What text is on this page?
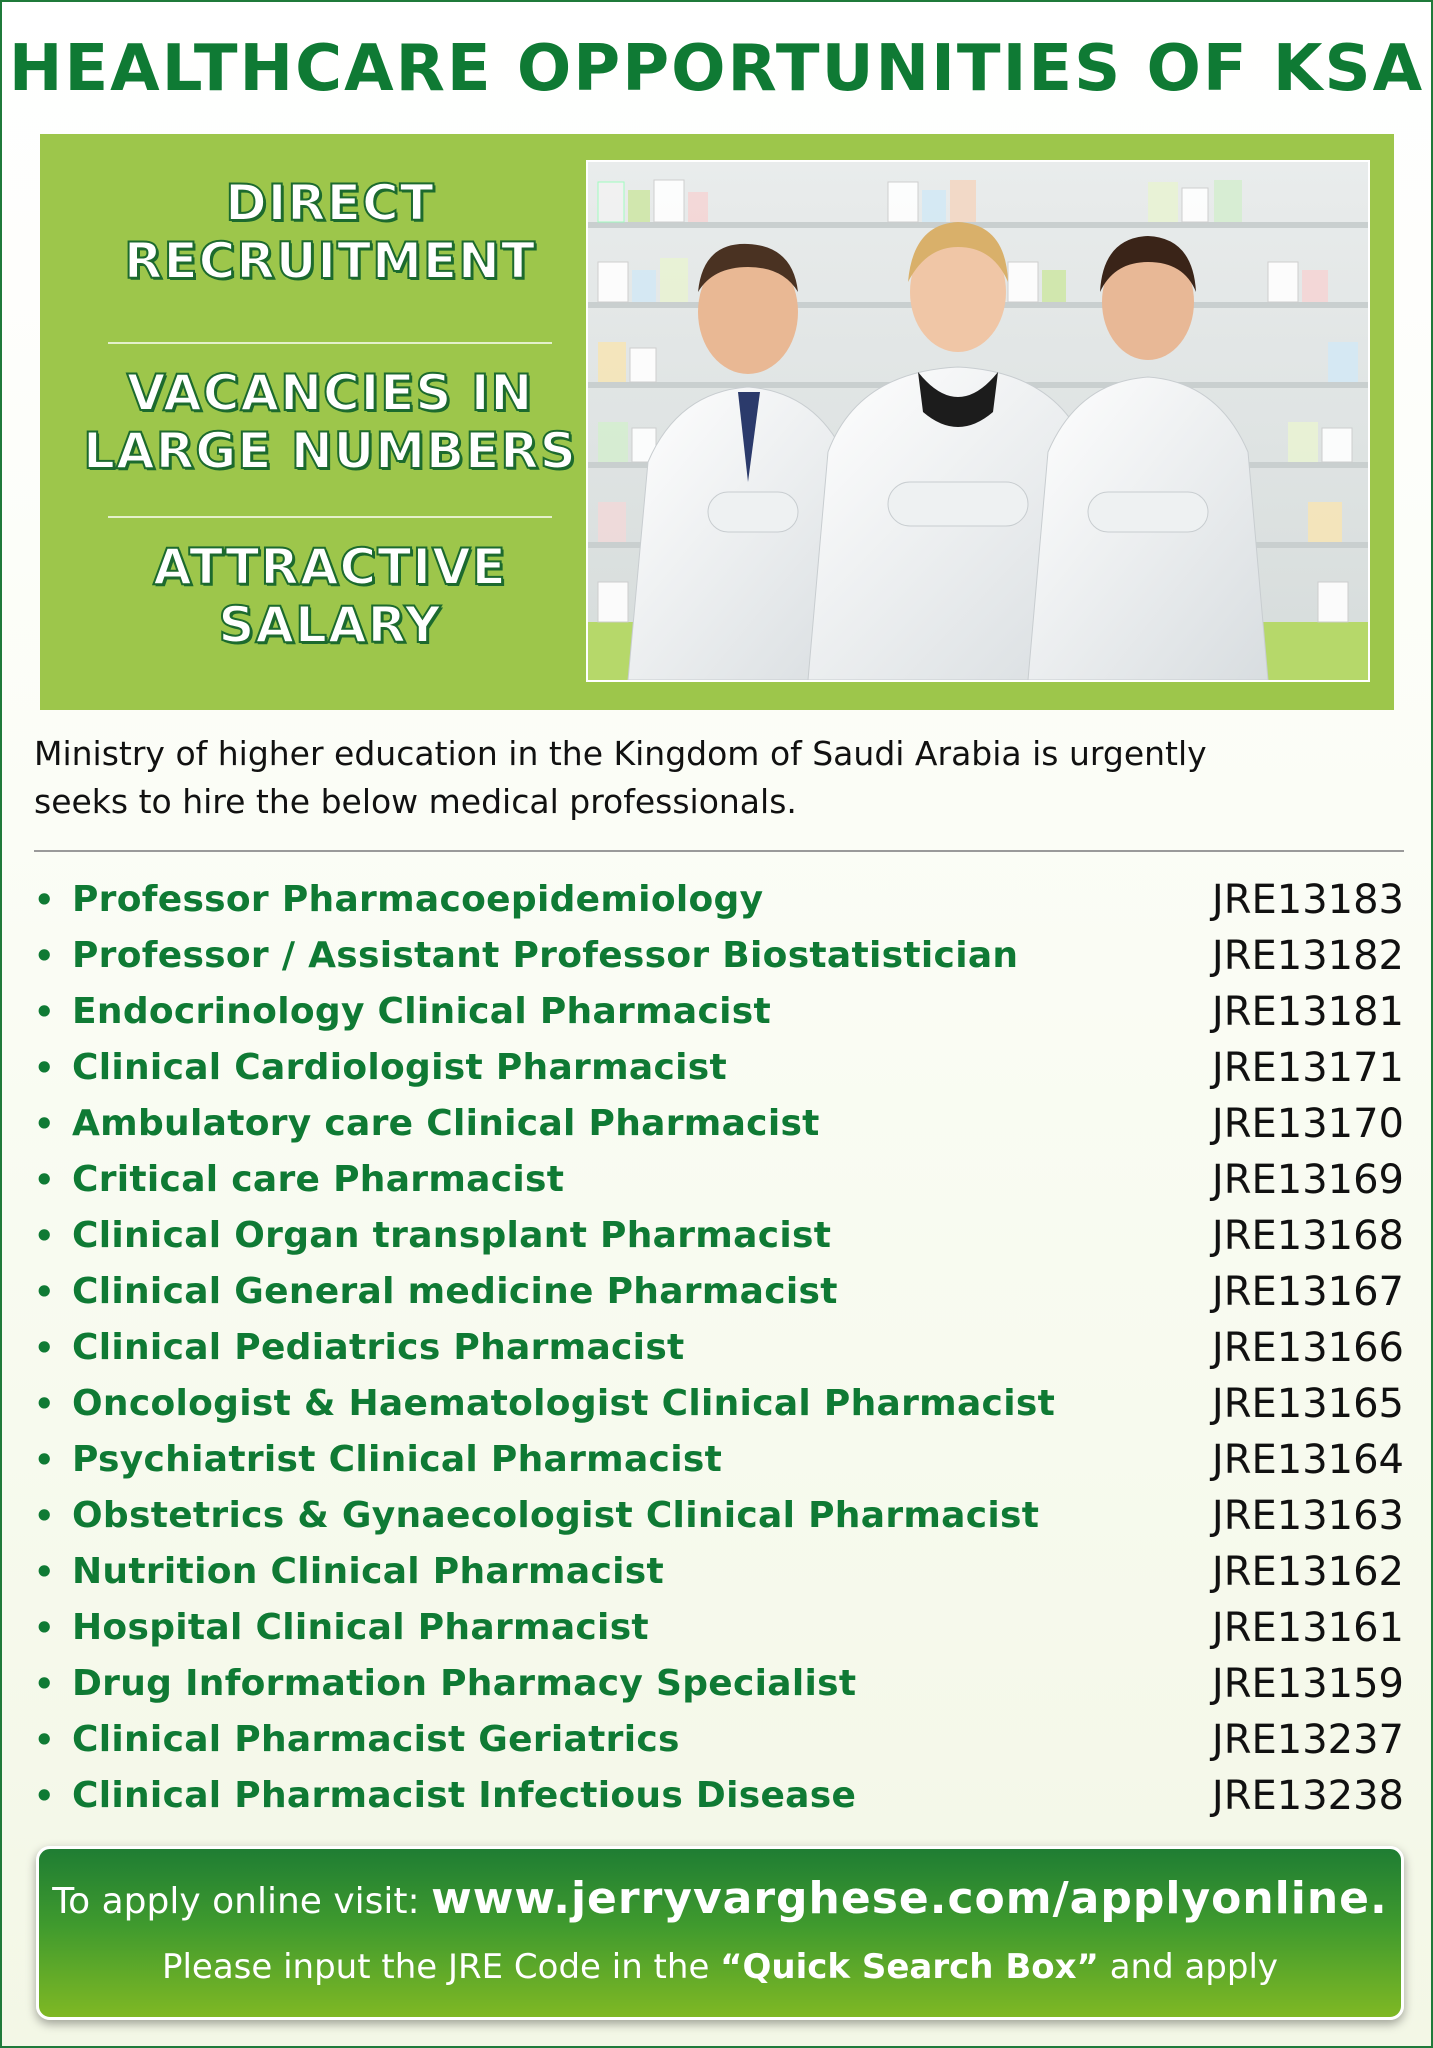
HEALTHCARE OPPORTUNITIES OF KSA
DIRECT
RECRUITMENT
VACANCIES IN
LARGE NUMBERS
ATTRACTIVE
SALARY
Ministry of higher education in the Kingdom of Saudi Arabia is urgently
seeks to hire the below medical professionals.
• Professor Pharmacoepidemiology	JRE13183
• Professor / Assistant Professor Biostatistician	JRE13182
• Endocrinology Clinical Pharmacist	JRE13181
• Clinical Cardiologist Pharmacist	JRE13171
• Ambulatory care Clinical Pharmacist	JRE13170
• Critical care Pharmacist	JRE13169
• Clinical Organ transplant Pharmacist	JRE13168
• Clinical General medicine Pharmacist	JRE13167
• Clinical Pediatrics Pharmacist	JRE13166
• Oncologist & Haematologist Clinical Pharmacist	JRE13165
• Psychiatrist Clinical Pharmacist	JRE13164
• Obstetrics & Gynaecologist Clinical Pharmacist	JRE13163
• Nutrition Clinical Pharmacist	JRE13162
• Hospital Clinical Pharmacist	JRE13161
• Drug Information Pharmacy Specialist	JRE13159
• Clinical Pharmacist Geriatrics	JRE13237
• Clinical Pharmacist Infectious Disease	JRE13238
To apply online visit: www.jerryvarghese.com/applyonline.
Please input the JRE Code in the “Quick Search Box” and apply
